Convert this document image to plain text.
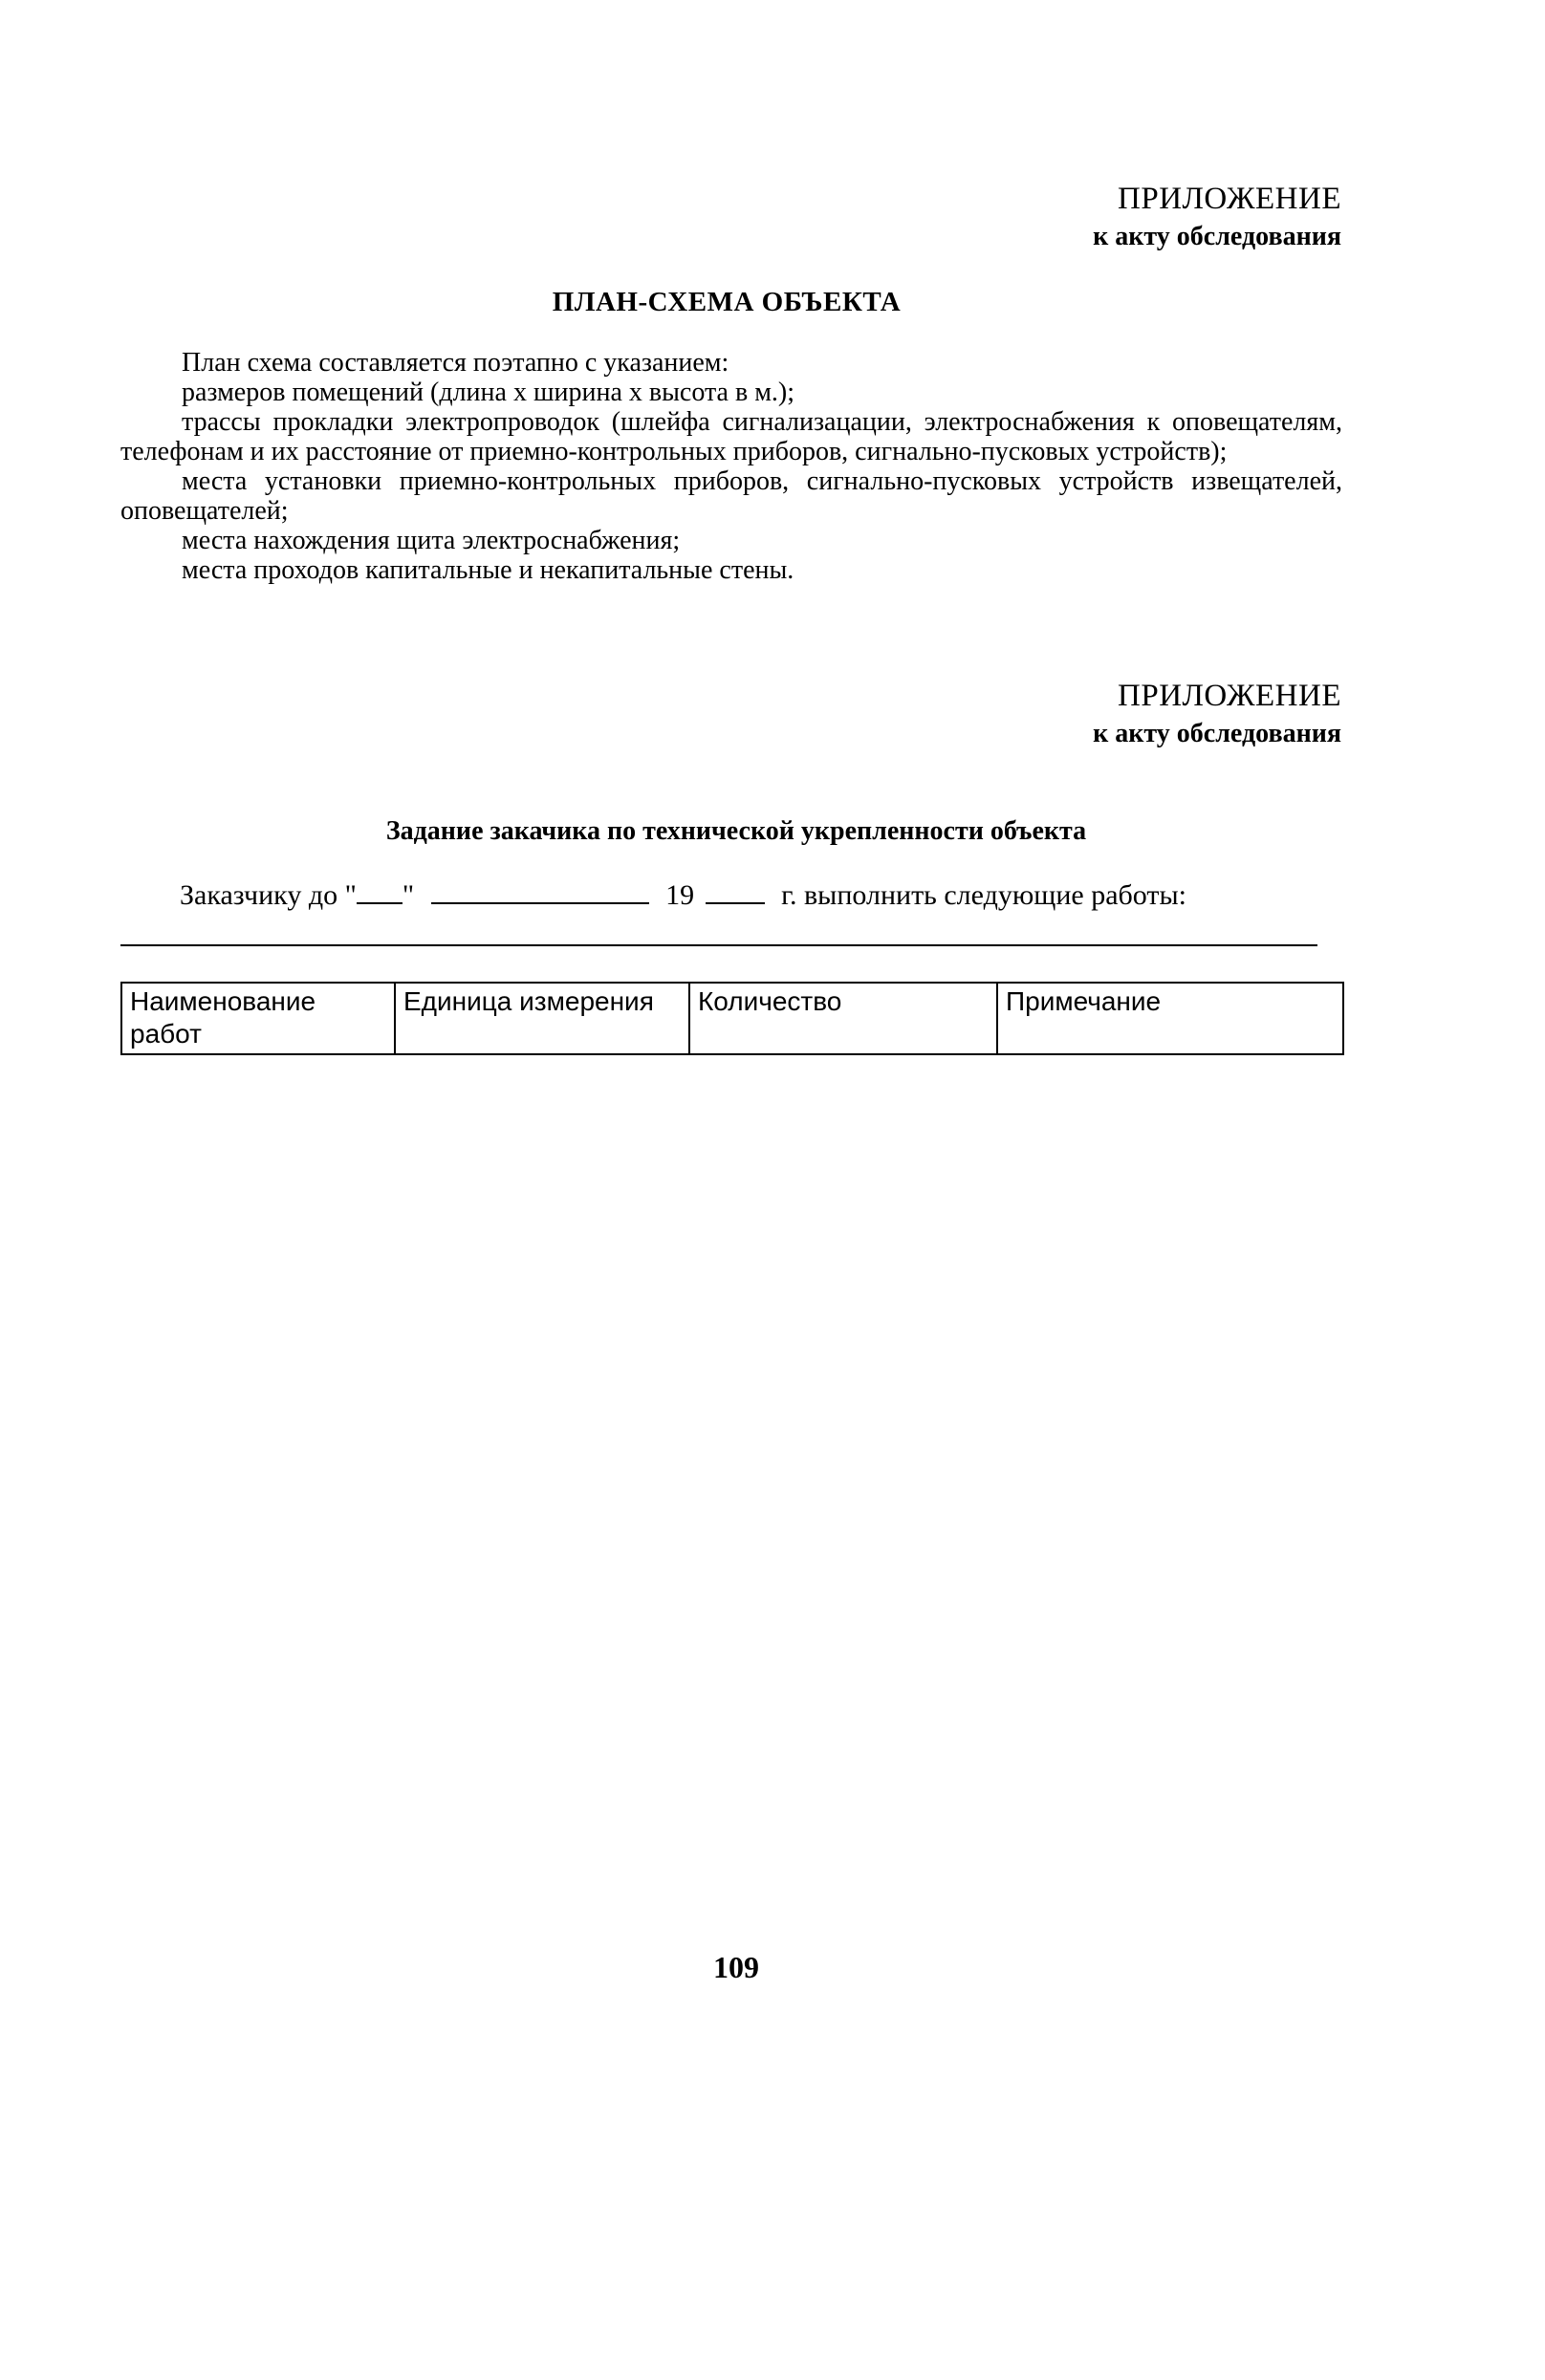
ПРИЛОЖЕНИЕ
к акту обследования
ПЛАН-СХЕМА ОБЪЕКТА

План схема составляется поэтапно с указанием:

размеров помещений (длина х ширина х высота в м.);

трассы прокладки электропроводок (шлейфа сигнализацации, электроснабжения к оповещателям, телефонам и их расстояние от приемно-контрольных приборов, сигнально-пусковых устройств);

места установки приемно-контрольных приборов, сигнально-пусковых устройств извещателей, оповещателей;

места нахождения щита электроснабжения;

места проходов капитальные и некапитальные стены.

ПРИЛОЖЕНИЕ
к акту обследования
Задание закачика по технической укрепленности объекта
Заказчику до " "	19	г. выполнить следующие работы:
Наименование работ	Единица измерения	Количество	Примечание
109
